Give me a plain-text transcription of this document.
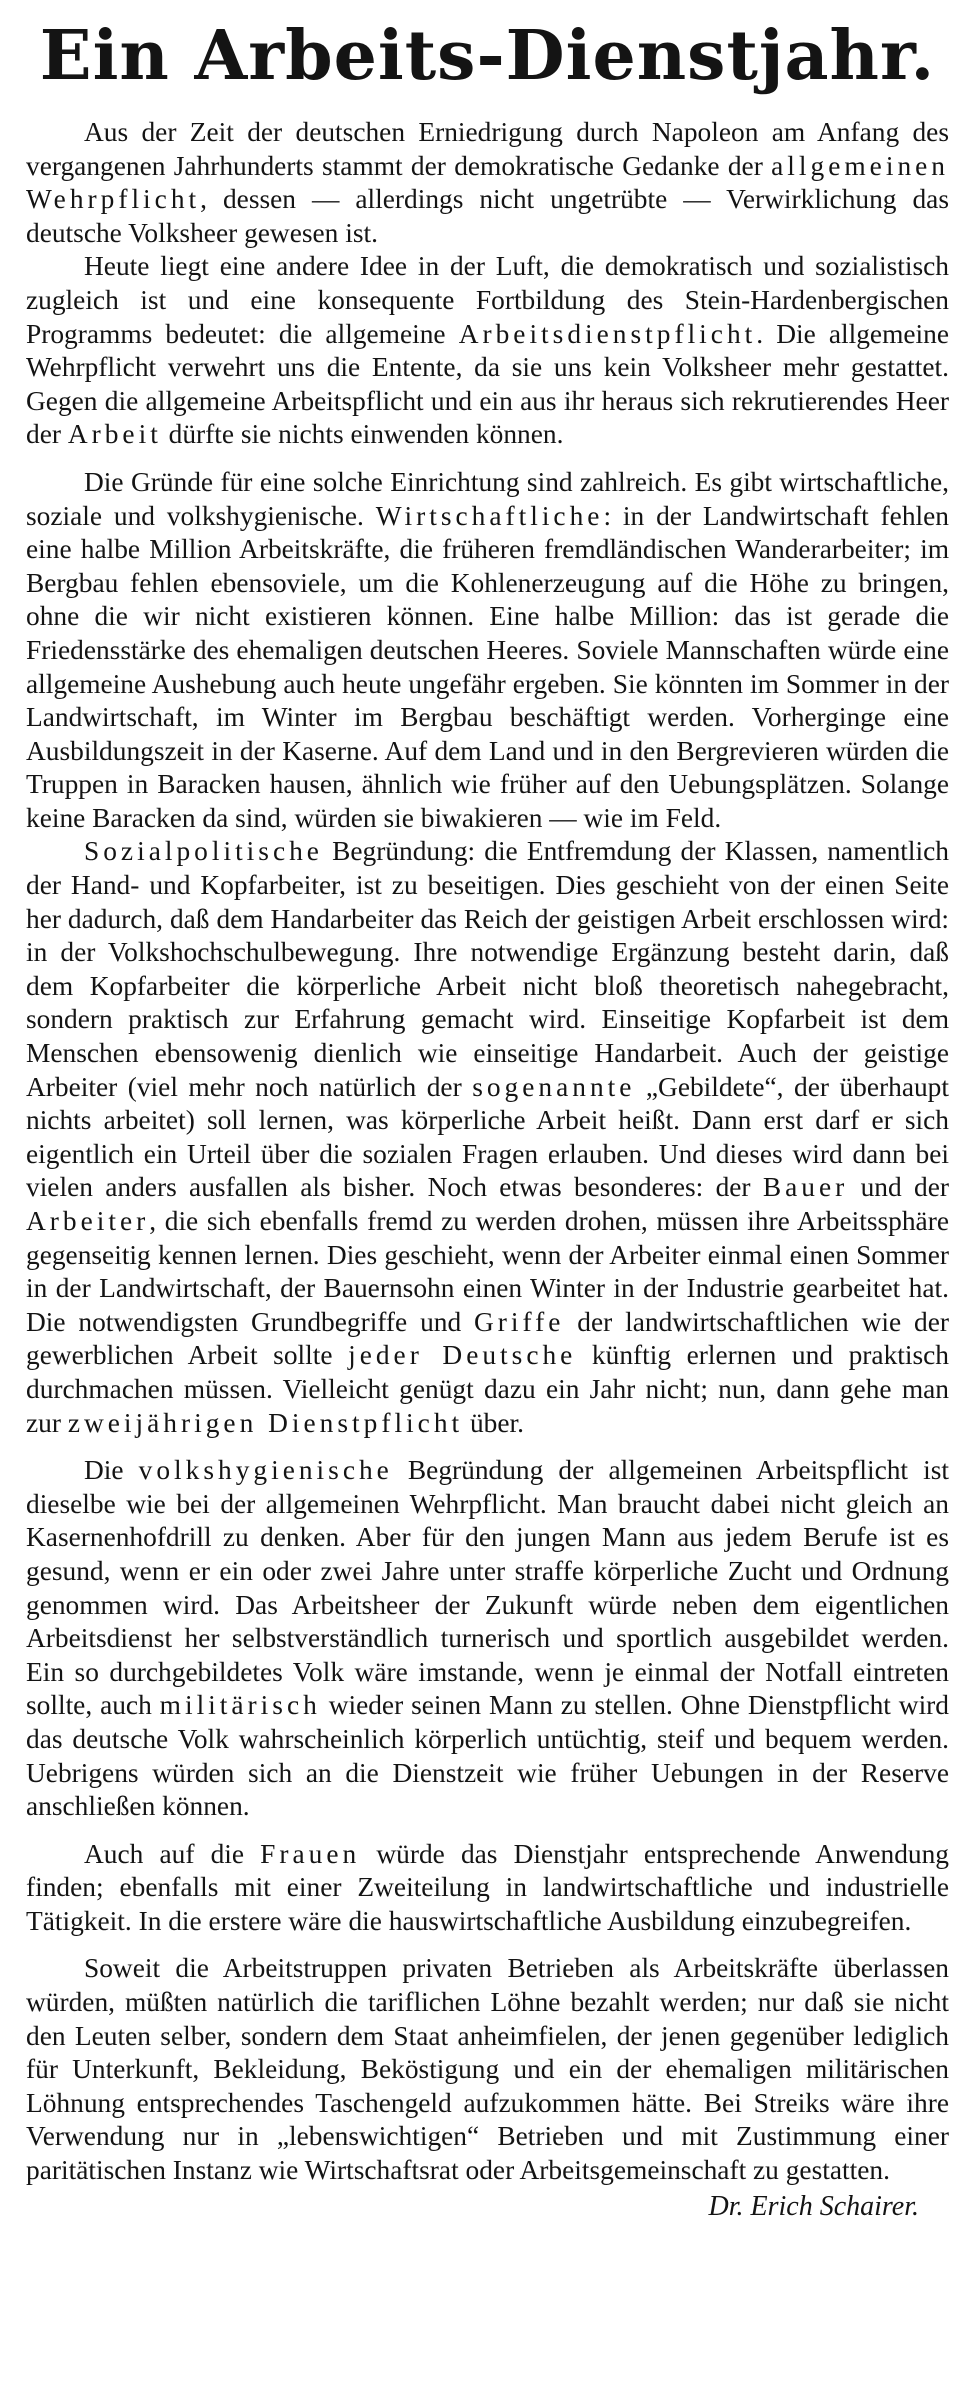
Ein Arbeits-Dienstjahr.

Aus der Zeit der deutschen Erniedrigung durch Napoleon am Anfang des vergangenen Jahrhunderts stammt der demokratische Gedanke der allgemeinen Wehrpflicht, dessen — allerdings nicht ungetrübte — Verwirklichung das deutsche Volksheer gewesen ist.

Heute liegt eine andere Idee in der Luft, die demokratisch und sozialistisch zugleich ist und eine konsequente Fortbildung des Stein-Hardenbergischen Programms bedeutet: die allgemeine Arbeitsdienstpflicht. Die allgemeine Wehrpflicht verwehrt uns die Entente, da sie uns kein Volksheer mehr gestattet. Gegen die allgemeine Arbeitspflicht und ein aus ihr heraus sich rekrutierendes Heer der Arbeit dürfte sie nichts einwenden können.

Die Gründe für eine solche Einrichtung sind zahlreich. Es gibt wirtschaftliche, soziale und volkshygienische. Wirtschaftliche: in der Landwirtschaft fehlen eine halbe Million Arbeitskräfte, die früheren fremdländischen Wanderarbeiter; im Bergbau fehlen ebensoviele, um die Kohlenerzeugung auf die Höhe zu bringen, ohne die wir nicht existieren können. Eine halbe Million: das ist gerade die Friedensstärke des ehemaligen deutschen Heeres. Soviele Mannschaften würde eine allgemeine Aushebung auch heute ungefähr ergeben. Sie könnten im Sommer in der Landwirtschaft, im Winter im Bergbau beschäftigt werden. Vorherginge eine Ausbildungszeit in der Kaserne. Auf dem Land und in den Bergrevieren würden die Truppen in Baracken hausen, ähnlich wie früher auf den Uebungsplätzen. Solange keine Baracken da sind, würden sie biwakieren — wie im Feld.

Sozialpolitische Begründung: die Entfremdung der Klassen, namentlich der Hand- und Kopfarbeiter, ist zu beseitigen. Dies geschieht von der einen Seite her dadurch, daß dem Handarbeiter das Reich der geistigen Arbeit erschlossen wird: in der Volkshochschulbewegung. Ihre notwendige Ergänzung besteht darin, daß dem Kopfarbeiter die körperliche Arbeit nicht bloß theoretisch nahegebracht, sondern praktisch zur Erfahrung gemacht wird. Einseitige Kopfarbeit ist dem Menschen ebensowenig dienlich wie einseitige Handarbeit. Auch der geistige Arbeiter (viel mehr noch natürlich der sogenannte „Gebildete“, der überhaupt nichts arbeitet) soll lernen, was körperliche Arbeit heißt. Dann erst darf er sich eigentlich ein Urteil über die sozialen Fragen erlauben. Und dieses wird dann bei vielen anders ausfallen als bisher. Noch etwas besonderes: der Bauer und der Arbeiter, die sich ebenfalls fremd zu werden drohen, müssen ihre Arbeitssphäre gegenseitig kennen lernen. Dies geschieht, wenn der Arbeiter einmal einen Sommer in der Landwirtschaft, der Bauernsohn einen Winter in der Industrie gearbeitet hat. Die notwendigsten Grundbegriffe und Griffe der landwirtschaftlichen wie der gewerblichen Arbeit sollte jeder Deutsche künftig erlernen und praktisch durchmachen müssen. Vielleicht genügt dazu ein Jahr nicht; nun, dann gehe man zur zweijährigen Dienstpflicht über.

Die volkshygienische Begründung der allgemeinen Arbeitspflicht ist dieselbe wie bei der allgemeinen Wehrpflicht. Man braucht dabei nicht gleich an Kasernenhofdrill zu denken. Aber für den jungen Mann aus jedem Berufe ist es gesund, wenn er ein oder zwei Jahre unter straffe körperliche Zucht und Ordnung genommen wird. Das Arbeitsheer der Zukunft würde neben dem eigentlichen Arbeitsdienst her selbstverständlich turnerisch und sportlich ausgebildet werden. Ein so durchgebildetes Volk wäre imstande, wenn je einmal der Notfall eintreten sollte, auch militärisch wieder seinen Mann zu stellen. Ohne Dienstpflicht wird das deutsche Volk wahrscheinlich körperlich untüchtig, steif und bequem werden. Uebrigens würden sich an die Dienstzeit wie früher Uebungen in der Reserve anschließen können.

Auch auf die Frauen würde das Dienstjahr entsprechende Anwendung finden; ebenfalls mit einer Zweiteilung in landwirtschaftliche und industrielle Tätigkeit. In die erstere wäre die hauswirtschaftliche Ausbildung einzubegreifen.

Soweit die Arbeitstruppen privaten Betrieben als Arbeitskräfte überlassen würden, müßten natürlich die tariflichen Löhne bezahlt werden; nur daß sie nicht den Leuten selber, sondern dem Staat anheimfielen, der jenen gegenüber lediglich für Unterkunft, Bekleidung, Beköstigung und ein der ehemaligen militärischen Löhnung entsprechendes Taschengeld aufzukommen hätte. Bei Streiks wäre ihre Verwendung nur in „lebenswichtigen“ Betrieben und mit Zustimmung einer paritätischen Instanz wie Wirtschaftsrat oder Arbeitsgemeinschaft zu gestatten.

Dr. Erich Schairer.
